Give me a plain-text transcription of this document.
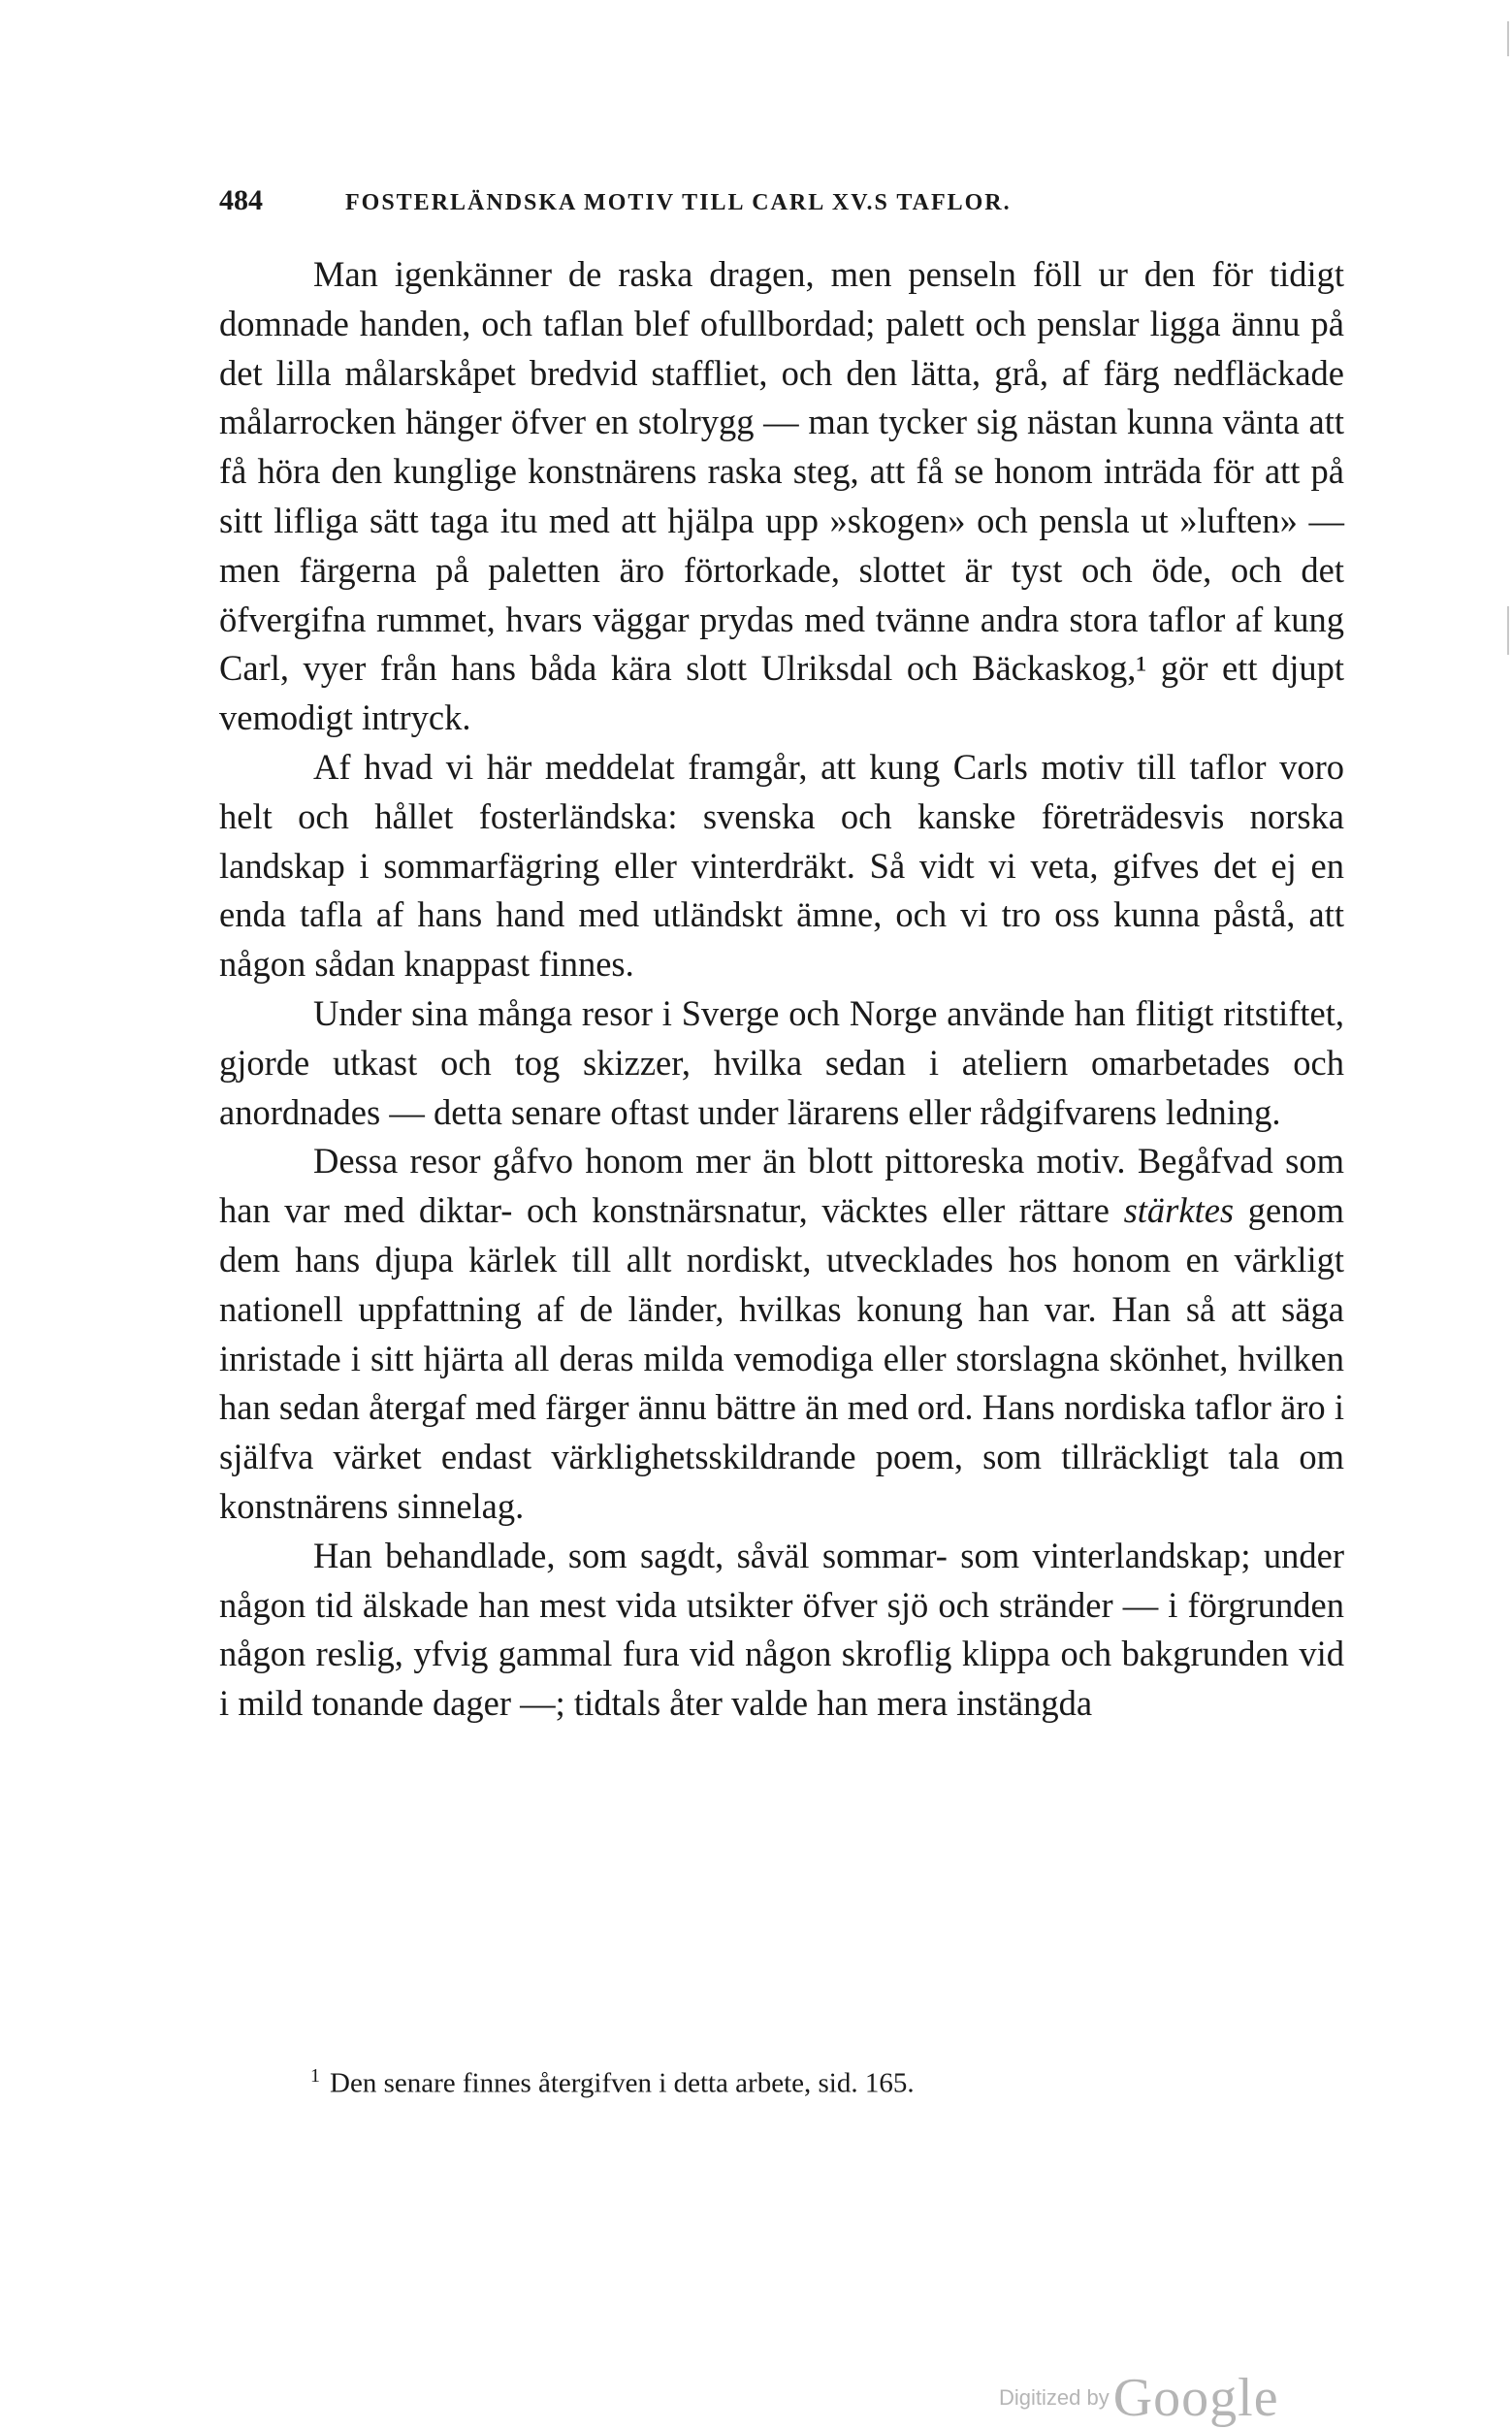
484	FOSTERLÄNDSKA MOTIV TILL CARL XV.S TAFLOR.

Man igenkänner de raska dragen, men penseln föll ur den för tidigt domnade handen, och taflan blef ofullbordad; palett och penslar ligga ännu på det lilla målarskåpet bredvid staffliet, och den lätta, grå, af färg nedfläckade målarrocken hänger öfver en stolrygg — man tycker sig nästan kunna vänta att få höra den kunglige konstnärens raska steg, att få se honom inträda för att på sitt lifliga sätt taga itu med att hjälpa upp »skogen» och pensla ut »luften» — men färgerna på paletten äro förtorkade, slottet är tyst och öde, och det öfvergifna rummet, hvars väggar prydas med tvänne andra stora taflor af kung Carl, vyer från hans båda kära slott Ulriksdal och Bäckaskog,¹ gör ett djupt vemodigt intryck.

Af hvad vi här meddelat framgår, att kung Carls motiv till taflor voro helt och hållet fosterländska: svenska och kanske företrädesvis norska landskap i sommarfägring eller vinterdräkt. Så vidt vi veta, gifves det ej en enda tafla af hans hand med utländskt ämne, och vi tro oss kunna påstå, att någon sådan knappast finnes.

Under sina många resor i Sverge och Norge använde han flitigt ritstiftet, gjorde utkast och tog skizzer, hvilka sedan i ateliern omarbetades och anordnades — detta senare oftast under lärarens eller rådgifvarens ledning.

Dessa resor gåfvo honom mer än blott pittoreska motiv. Begåfvad som han var med diktar- och konstnärsnatur, väcktes eller rättare stärktes genom dem hans djupa kärlek till allt nordiskt, utvecklades hos honom en värkligt nationell uppfattning af de länder, hvilkas konung han var. Han så att säga inristade i sitt hjärta all deras milda vemodiga eller storslagna skönhet, hvilken han sedan återgaf med färger ännu bättre än med ord. Hans nordiska taflor äro i själfva värket endast värklighetsskildrande poem, som tillräckligt tala om konstnärens sinnelag.

Han behandlade, som sagdt, såväl sommar- som vinterlandskap; under någon tid älskade han mest vida utsikter öfver sjö och stränder — i förgrunden någon reslig, yfvig gammal fura vid någon skroflig klippa och bakgrunden vid i mild tonande dager —; tidtals åter valde han mera instängda

$^1$ Den senare finnes återgifven i detta arbete, sid. 165.
Digitized by Google
